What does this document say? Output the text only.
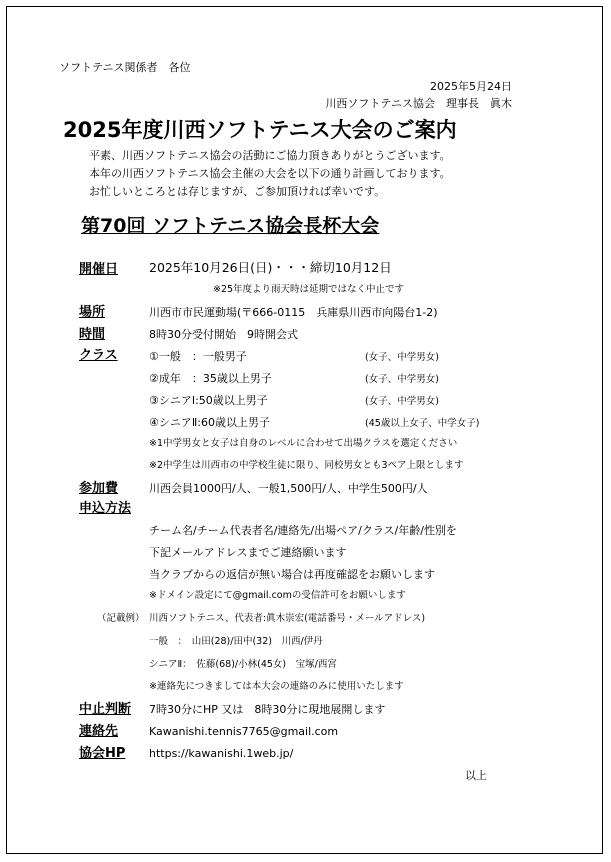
ソフトテニス関係者　各位
2025年5月24日
川西ソフトテニス協会　理事長　眞木
2025年度川西ソフトテニス大会のご案内
平素、川西ソフトテニス協会の活動にご協力頂きありがとうございます。
本年の川西ソフトテニス協会主催の大会を以下の通り計画しております。
お忙しいところとは存じますが、ご参加頂ければ幸いです。
第70回 ソフトテニス協会長杯大会
開催日 2025年10月26日(日)・・・締切10月12日
※25年度より雨天時は延期ではなく中止です
場所	川西市市民運動場(〒666-0115　兵庫県川西市向陽台1-2)
時間	8時30分受付開始　9時開会式
クラス	①一般　：一般男子	(女子、中学男女)
②成年　：35歳以上男子	(女子、中学男女)
③シニアⅠ:50歳以上男子	(女子、中学男女)
④シニアⅡ:60歳以上男子	(45歳以上女子、中学女子)
※1中学男女と女子は自身のレベルに合わせて出場クラスを選定ください
※2中学生は川西市の中学校生徒に限り、同校男女とも3ペア上限とします
参加費	川西会員1000円/人、一般1,500円/人、中学生500円/人
申込方法
チーム名/チーム代表者名/連絡先/出場ペア/クラス/年齢/性別を
下記メールアドレスまでご連絡願います
当クラブからの返信が無い場合は再度確認をお願いします
※ドメイン設定にて@gmail.comの受信許可をお願いします
（記載例） 川西ソフトテニス、代表者:眞木崇宏(電話番号・メールアドレス)
一般　：　山田(28)/田中(32)　川西/伊丹
シニアⅡ：　佐藤(68)/小林(45女)　宝塚/西宮
※連絡先につきましては本大会の連絡のみに使用いたします
中止判断 7時30分にHP 又は　8時30分に現地展開します
連絡先	Kawanishi.tennis7765@gmail.com
協会HP https://kawanishi.1web.jp/
以上
